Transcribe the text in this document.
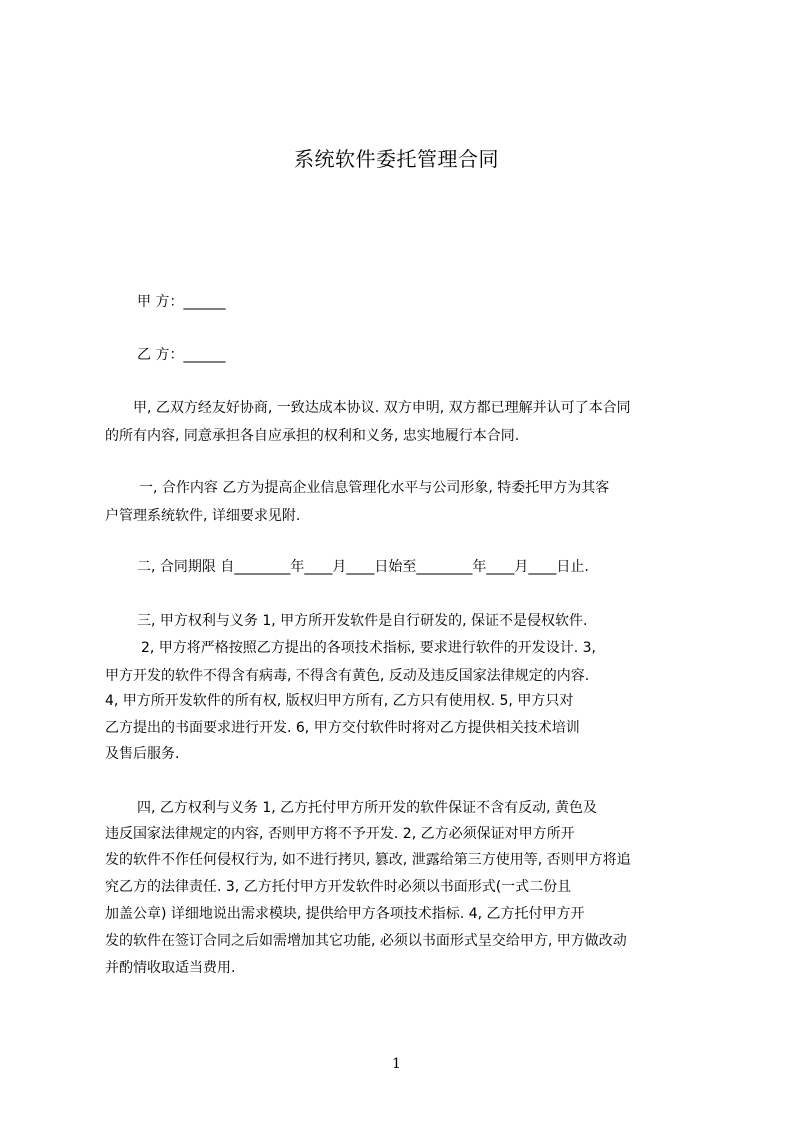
系统软件委托管理合同
甲 方：______
乙 方：______
甲, 乙双方经友好协商, 一致达成本协议. 双方申明, 双方都已理解并认可了本合同
的所有内容, 同意承担各自应承担的权利和义务, 忠实地履行本合同.
一, 合作内容 乙方为提高企业信息管理化水平与公司形象, 特委托甲方为其客
户管理系统软件, 详细要求见附.
二, 合同期限 自________年____月____日始至________年____月____日止.
三, 甲方权利与义务 1, 甲方所开发软件是自行研发的, 保证不是侵权软件.
2, 甲方将严格按照乙方提出的各项技术指标, 要求进行软件的开发设计. 3,
甲方开发的软件不得含有病毒, 不得含有黄色, 反动及违反国家法律规定的内容.
4, 甲方所开发软件的所有权, 版权归甲方所有, 乙方只有使用权. 5, 甲方只对
乙方提出的书面要求进行开发. 6, 甲方交付软件时将对乙方提供相关技术培训
及售后服务.
四, 乙方权利与义务 1, 乙方托付甲方所开发的软件保证不含有反动, 黄色及
违反国家法律规定的内容, 否则甲方将不予开发. 2, 乙方必须保证对甲方所开
发的软件不作任何侵权行为, 如不进行拷贝, 篡改, 泄露给第三方使用等, 否则甲方将追
究乙方的法律责任. 3, 乙方托付甲方开发软件时必须以书面形式(一式二份且
加盖公章) 详细地说出需求模块, 提供给甲方各项技术指标. 4, 乙方托付甲方开
发的软件在签订合同之后如需增加其它功能, 必须以书面形式呈交给甲方, 甲方做改动
并酌情收取适当费用.
1
